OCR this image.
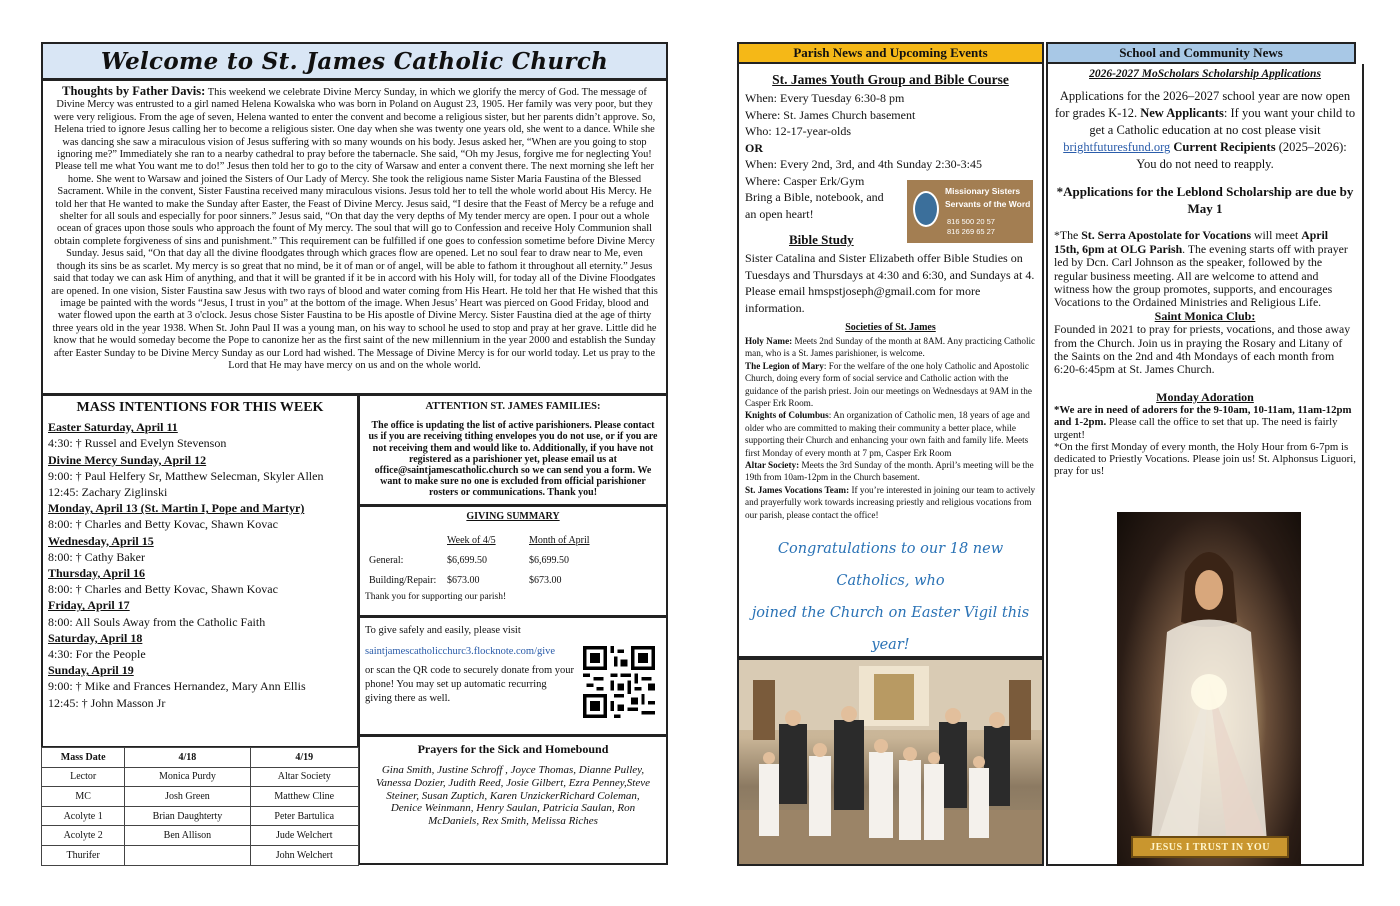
Welcome to St. James Catholic Church
Thoughts by Father Davis: This weekend we celebrate Divine Mercy Sunday, in which we glorify the mercy of God. The message of Divine Mercy was entrusted to a girl named Helena Kowalska who was born in Poland on August 23, 1905. Her family was very poor, but they were very religious. From the age of seven, Helena wanted to enter the convent and become a religious sister, but her parents didn’t approve. So, Helena tried to ignore Jesus calling her to become a religious sister. One day when she was twenty one years old, she went to a dance. While she was dancing she saw a miraculous vision of Jesus suffering with so many wounds on his body. Jesus asked her, “When are you going to stop ignoring me?” Immediately she ran to a nearby cathedral to pray before the tabernacle. She said, “Oh my Jesus, forgive me for neglecting You! Please tell me what You want me to do!” Jesus then told her to go to the city of Warsaw and enter a convent there. The next morning she left her home. She went to Warsaw and joined the Sisters of Our Lady of Mercy. She took the religious name Sister Maria Faustina of the Blessed Sacrament. While in the convent, Sister Faustina received many miraculous visions. Jesus told her to tell the whole world about His Mercy. He told her that He wanted to make the Sunday after Easter, the Feast of Divine Mercy. Jesus said, “I desire that the Feast of Mercy be a refuge and shelter for all souls and especially for poor sinners.” Jesus said, “On that day the very depths of My tender mercy are open. I pour out a whole ocean of graces upon those souls who approach the fount of My mercy. The soul that will go to Confession and receive Holy Communion shall obtain complete forgiveness of sins and punishment.” This requirement can be fulfilled if one goes to confession sometime before Divine Mercy Sunday. Jesus said, “On that day all the divine floodgates through which graces flow are opened. Let no soul fear to draw near to Me, even though its sins be as scarlet. My mercy is so great that no mind, be it of man or of angel, will be able to fathom it throughout all eternity.” Jesus said that today we can ask Him of anything, and that it will be granted if it be in accord with his Holy will, for today all of the Divine Floodgates are opened. In one vision, Sister Faustina saw Jesus with two rays of blood and water coming from His Heart. He told her that He wished that this image be painted with the words “Jesus, I trust in you” at the bottom of the image. When Jesus’ Heart was pierced on Good Friday, blood and water flowed upon the earth at 3 o'clock. Jesus chose Sister Faustina to be His apostle of Divine Mercy. Sister Faustina died at the age of thirty three years old in the year 1938. When St. John Paul II was a young man, on his way to school he used to stop and pray at her grave. Little did he know that he would someday become the Pope to canonize her as the first saint of the new millennium in the year 2000 and establish the Sunday after Easter Sunday to be Divine Mercy Sunday as our Lord had wished. The Message of Divine Mercy is for our world today. Let us pray to the Lord that He may have mercy on us and on the whole world.
MASS INTENTIONS FOR THIS WEEK
Easter Saturday, April 11
4:30: † Russel and Evelyn Stevenson
Divine Mercy Sunday, April 12
9:00: † Paul Helfery Sr, Matthew Selecman, Skyler Allen
12:45: Zachary Ziglinski
Monday, April 13 (St. Martin I, Pope and Martyr)
8:00: † Charles and Betty Kovac, Shawn Kovac
Wednesday, April 15
8:00: † Cathy Baker
Thursday, April 16
8:00: † Charles and Betty Kovac, Shawn Kovac
Friday, April 17
8:00: All Souls Away from the Catholic Faith
Saturday, April 18
4:30: For the People
Sunday, April 19
9:00: † Mike and Frances Hernandez, Mary Ann Ellis
12:45: † John Masson Jr
ATTENTION ST. JAMES FAMILIES:
The office is updating the list of active parishioners. Please contact us if you are receiving tithing envelopes you do not use, or if you are not receiving them and would like to. Additionally, if you have not registered as a parishioner yet, please email us at office@saintjamescatholic.church so we can send you a form. We want to make sure no one is excluded from official parishioner rosters or communications. Thank you!
GIVING SUMMARY
	Week of 4/5	Month of April
General:	$6,699.50	$6,699.50
Building/Repair:	$673.00	$673.00
Thank you for supporting our parish!
To give safely and easily, please visit
saintjamescatholicchurc3.flocknote.com/give
or scan the QR code to securely donate from your phone! You may set up automatic recurring giving there as well.
Prayers for the Sick and Homebound
Gina Smith, Justine Schroff , Joyce Thomas, Dianne Pulley, Vanessa Dozier, Judith Reed, Josie Gilbert, Ezra Penney,Steve Steiner, Susan Zuptich, Karen UnzickerRichard Coleman, Denice Weinmann, Henry Saulan, Patricia Saulan, Ron McDaniels, Rex Smith, Melissa Riches
Mass Date	4/18	4/19
Lector	Monica Purdy	Altar Society
MC	Josh Green	Matthew Cline
Acolyte 1	Brian Daughterty	Peter Bartulica
Acolyte 2	Ben Allison	Jude Welchert
Thurifer		John Welchert
Parish News and Upcoming Events	School and Community News
St. James Youth Group and Bible Course
When: Every Tuesday 6:30-8 pm
Where: St. James Church basement
Who: 12-17-year-olds
OR
When: Every 2nd, 3rd, and 4th Sunday 2:30-3:45
Where: Casper Erk/Gym
Bring a Bible, notebook, and an open heart!
Missionary Sisters
Servants of the Word
816 500 20 57
816 269 65 27
Bible Study
Sister Catalina and Sister Elizabeth offer Bible Studies on Tuesdays and Thursdays at 4:30 and 6:30, and Sundays at 4. Please email hmspstjoseph@gmail.com for more information.
Societies of St. James
Holy Name: Meets 2nd Sunday of the month at 8AM. Any practicing Catholic man, who is a St. James parishioner, is welcome.
The Legion of Mary: For the welfare of the one holy Catholic and Apostolic Church, doing every form of social service and Catholic action with the guidance of the parish priest. Join our meetings on Wednesdays at 9AM in the Casper Erk Room.
Knights of Columbus: An organization of Catholic men, 18 years of age and older who are committed to making their community a better place, while supporting their Church and enhancing your own faith and family life. Meets first Monday of every month at 7 pm, Casper Erk Room
Altar Society: Meets the 3rd Sunday of the month. April’s meeting will be the 19th from 10am-12pm in the Church basement.
St. James Vocations Team: If you’re interested in joining our team to actively and prayerfully work towards increasing priestly and religious vocations from our parish, please contact the office!
Congratulations to our 18 new Catholics, who
joined the Church on Easter Vigil this year!
2026-2027 MoScholars Scholarship Applications
Applications for the 2026–2027 school year are now open for grades K-12. New Applicants: If you want your child to get a Catholic education at no cost please visit brightfuturesfund.org Current Recipients (2025–2026): You do not need to reapply.
*Applications for the Leblond Scholarship are due by May 1
*The St. Serra Apostolate for Vocations will meet April 15th, 6pm at OLG Parish. The evening starts off with prayer led by Dcn. Carl Johnson as the speaker, followed by the regular business meeting. All are welcome to attend and witness how the group promotes, supports, and encourages Vocations to the Ordained Ministries and Religious Life.
Saint Monica Club:
Founded in 2021 to pray for priests, vocations, and those away from the Church. Join us in praying the Rosary and Litany of the Saints on the 2nd and 4th Mondays of each month from 6:20-6:45pm at St. James Church.
Monday Adoration
*We are in need of adorers for the 9-10am, 10-11am, 11am-12pm and 1-2pm. Please call the office to set that up. The need is fairly urgent!
*On the first Monday of every month, the Holy Hour from 6-7pm is dedicated to Priestly Vocations. Please join us! St. Alphonsus Liguori, pray for us!
JESUS I TRUST IN YOU
